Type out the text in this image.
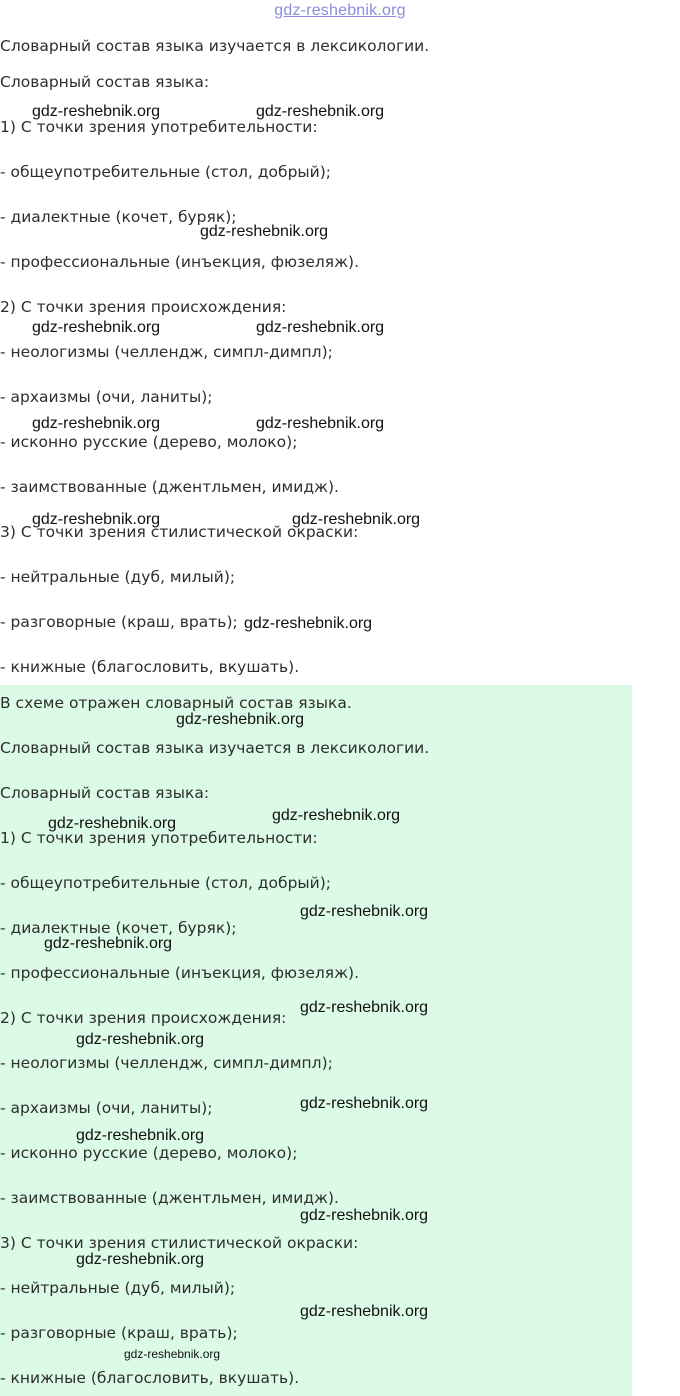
gdz-reshebnik.org
Словарный состав языка изучается в лексикологии.
Словарный состав языка:
1) С точки зрения употребительности:
- общеупотребительные (стол, добрый);
- диалектные (кочет, буряк);
- профессиональные (инъекция, фюзеляж).
2) С точки зрения происхождения:
- неологизмы (челлендж, симпл-димпл);
- архаизмы (очи, ланиты);
- исконно русские (дерево, молоко);
- заимствованные (джентльмен, имидж).
3) С точки зрения стилистической окраски:
- нейтральные (дуб, милый);
- разговорные (краш, врать);
- книжные (благословить, вкушать).
В схеме отражен словарный состав языка.
Словарный состав языка изучается в лексикологии.
Словарный состав языка:
1) С точки зрения употребительности:
- общеупотребительные (стол, добрый);
- диалектные (кочет, буряк);
- профессиональные (инъекция, фюзеляж).
2) С точки зрения происхождения:
- неологизмы (челлендж, симпл-димпл);
- архаизмы (очи, ланиты);
- исконно русские (дерево, молоко);
- заимствованные (джентльмен, имидж).
3) С точки зрения стилистической окраски:
- нейтральные (дуб, милый);
- разговорные (краш, врать);
- книжные (благословить, вкушать).
gdz-reshebnik.org	gdz-reshebnik.org
gdz-reshebnik.org
gdz-reshebnik.org	gdz-reshebnik.org
gdz-reshebnik.org	gdz-reshebnik.org
gdz-reshebnik.org	gdz-reshebnik.org
gdz-reshebnik.org
gdz-reshebnik.org
gdz-reshebnik.org
gdz-reshebnik.org
gdz-reshebnik.org
gdz-reshebnik.org
gdz-reshebnik.org
gdz-reshebnik.org
gdz-reshebnik.org
gdz-reshebnik.org
gdz-reshebnik.org
gdz-reshebnik.org
gdz-reshebnik.org
gdz-reshebnik.org
